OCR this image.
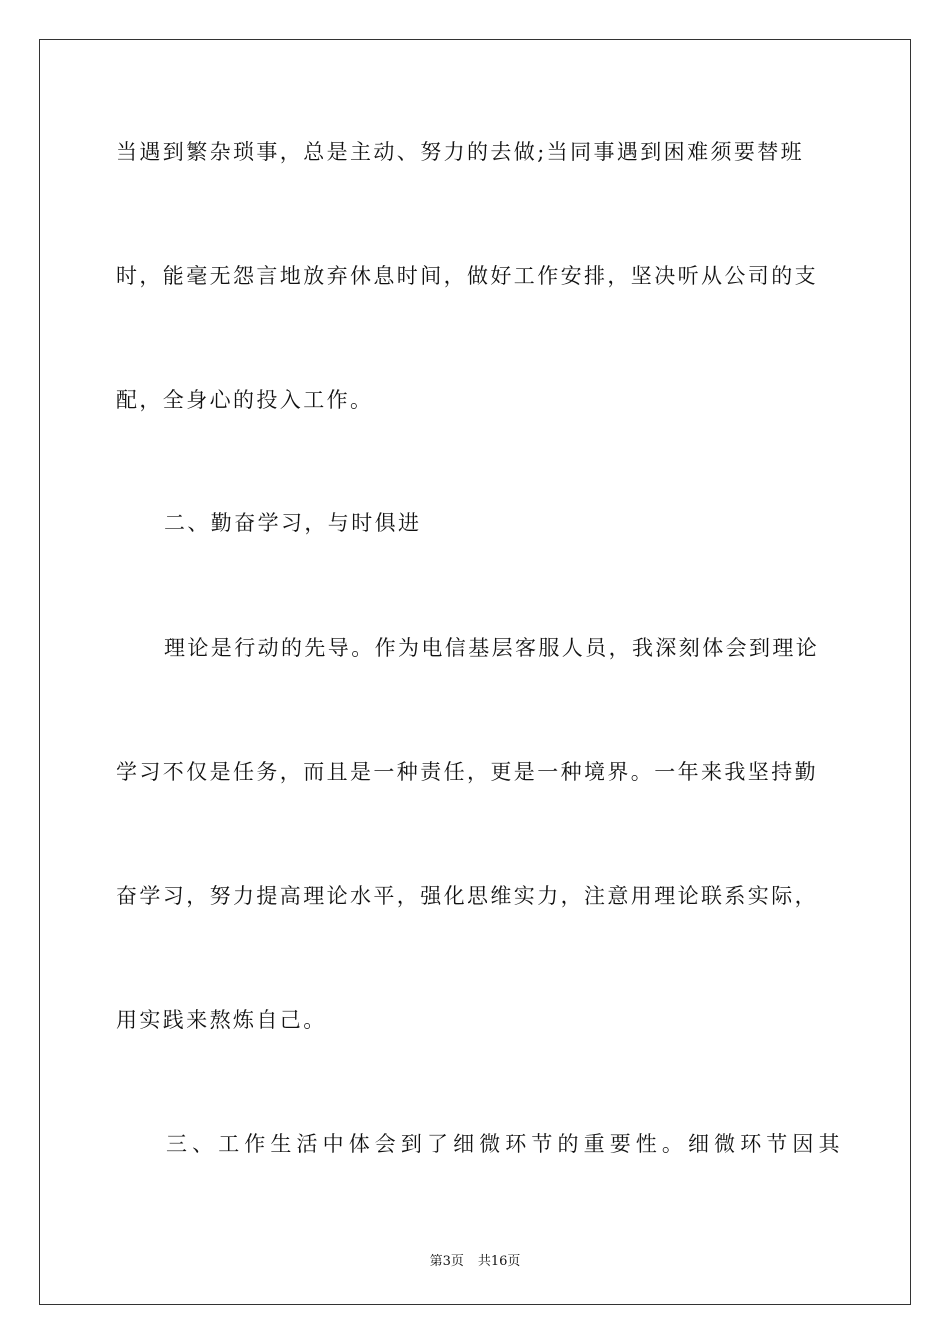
当遇到繁杂琐事，总是主动、努力的去做;当同事遇到困难须要替班
时，能毫无怨言地放弃休息时间，做好工作安排，坚决听从公司的支
配，全身心的投入工作。
二、勤奋学习，与时俱进
理论是行动的先导。作为电信基层客服人员，我深刻体会到理论
学习不仅是任务，而且是一种责任，更是一种境界。一年来我坚持勤
奋学习，努力提高理论水平，强化思维实力，注意用理论联系实际，
用实践来熬炼自己。
三、工作生活中体会到了细微环节的重要性。细微环节因其
第3页 共16页
